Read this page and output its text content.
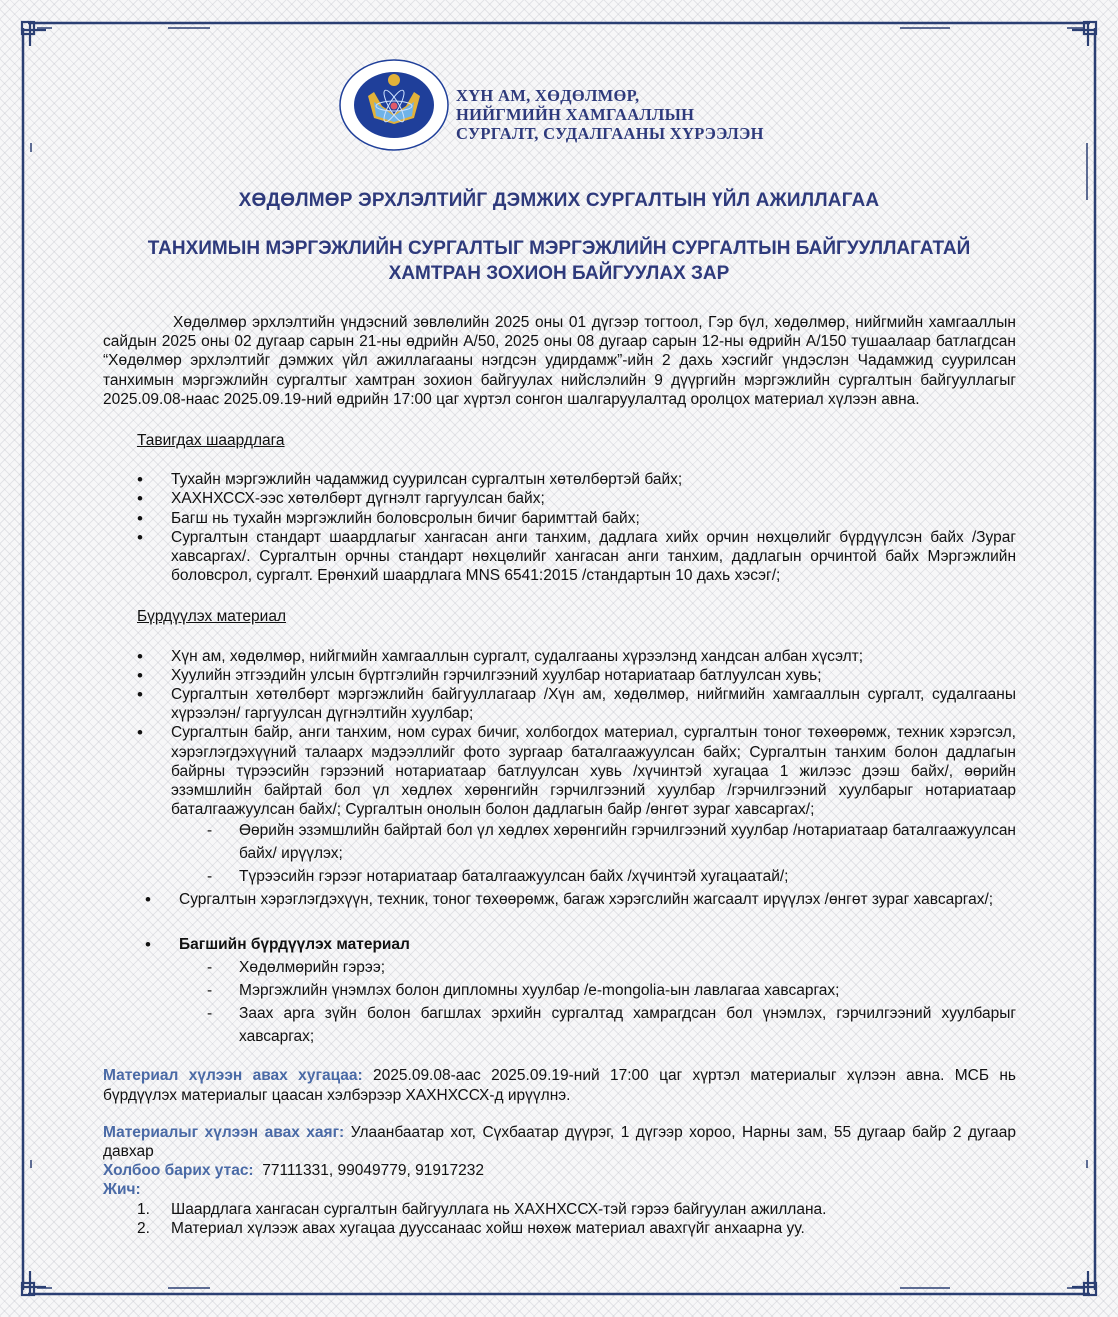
ХҮН АМ, ХӨДӨЛМӨР,
НИЙГМИЙН ХАМГААЛЛЫН
СУРГАЛТ, СУДАЛГААНЫ ХҮРЭЭЛЭН
ХӨДӨЛМӨР ЭРХЛЭЛТИЙГ ДЭМЖИХ СУРГАЛТЫН ҮЙЛ АЖИЛЛАГАА
ТАНХИМЫН МЭРГЭЖЛИЙН СУРГАЛТЫГ МЭРГЭЖЛИЙН СУРГАЛТЫН БАЙГУУЛЛАГАТАЙ
ХАМТРАН ЗОХИОН БАЙГУУЛАХ ЗАР

Хөдөлмөр эрхлэлтийн үндэсний зөвлөлийн 2025 оны 01 дүгээр тогтоол, Гэр бүл, хөдөлмөр, нийгмийн хамгааллын сайдын 2025 оны 02 дугаар сарын 21-ны өдрийн А/50, 2025 оны 08 дугаар сарын 12-ны өдрийн А/150 тушаалаар батлагдсан “Хөдөлмөр эрхлэлтийг дэмжих үйл ажиллагааны нэгдсэн удирдамж”-ийн 2 дахь хэсгийг үндэслэн Чадамжид суурилсан танхимын мэргэжлийн сургалтыг хамтран зохион байгуулах нийслэлийн 9 дүүргийн мэргэжлийн сургалтын байгууллагыг 2025.09.08-наас 2025.09.19-ний өдрийн 17:00 цаг хүртэл сонгон шалгаруулалтад оролцох материал хүлээн авна.

Тавигдах шаардлага
• Тухайн мэргэжлийн чадамжид суурилсан сургалтын хөтөлбөртэй байх;
• ХАХНХССХ-ээс хөтөлбөрт дүгнэлт гаргуулсан байх;
• Багш нь тухайн мэргэжлийн боловсролын бичиг баримттай байх;
• Сургалтын стандарт шаардлагыг хангасан анги танхим, дадлага хийх орчин нөхцөлийг бүрдүүлсэн байх /Зураг хавсаргах/. Сургалтын орчны стандарт нөхцөлийг хангасан анги танхим, дадлагын орчинтой байх Мэргэжлийн боловсрол, сургалт. Ерөнхий шаардлага MNS 6541:2015 /стандартын 10 дахь хэсэг/;
Бүрдүүлэх материал
• Хүн ам, хөдөлмөр, нийгмийн хамгааллын сургалт, судалгааны хүрээлэнд хандсан албан хүсэлт;
• Хуулийн этгээдийн улсын бүртгэлийн гэрчилгээний хуулбар нотариатаар батлуулсан хувь;
• Сургалтын хөтөлбөрт мэргэжлийн байгууллагаар /Хүн ам, хөдөлмөр, нийгмийн хамгааллын сургалт, судалгааны хүрээлэн/ гаргуулсан дүгнэлтийн хуулбар;
• Сургалтын байр, анги танхим, ном сурах бичиг, холбогдох материал, сургалтын тоног төхөөрөмж, техник хэрэгсэл, хэрэглэгдэхүүний талаарх мэдээллийг фото зургаар баталгаажуулсан байх; Сургалтын танхим болон дадлагын байрны түрээсийн гэрээний нотариатаар батлуулсан хувь /хүчинтэй хугацаа 1 жилээс дээш байх/, өөрийн эзэмшлийн байртай бол үл хөдлөх хөрөнгийн гэрчилгээний хуулбар /гэрчилгээний хуулбарыг нотариатаар баталгаажуулсан байх/; Сургалтын онолын болон дадлагын байр /өнгөт зураг хавсаргах/;
- Өөрийн эзэмшлийн байртай бол үл хөдлөх хөрөнгийн гэрчилгээний хуулбар /нотариатаар баталгаажуулсан байх/ ирүүлэх;
- Түрээсийн гэрээг нотариатаар баталгаажуулсан байх /хүчинтэй хугацаатай/;
• Сургалтын хэрэглэгдэхүүн, техник, тоног төхөөрөмж, багаж хэрэгслийн жагсаалт ирүүлэх /өнгөт зураг хавсаргах/;
• Багшийн бүрдүүлэх материал
- Хөдөлмөрийн гэрээ;
- Мэргэжлийн үнэмлэх болон дипломны хуулбар /e-mongolia-ын лавлагаа хавсаргах;
- Заах арга зүйн болон багшлах эрхийн сургалтад хамрагдсан бол үнэмлэх, гэрчилгээний хуулбарыг хавсаргах;

Материал хүлээн авах хугацаа: 2025.09.08-аас 2025.09.19-ний 17:00 цаг хүртэл материалыг хүлээн авна. МСБ нь бүрдүүлэх материалыг цаасан хэлбэрээр ХАХНХССХ-д ирүүлнэ.

Материалыг хүлээн авах хаяг: Улаанбаатар хот, Сүхбаатар дүүрэг, 1 дүгээр хороо, Нарны зам, 55 дугаар байр 2 дугаар давхар

Холбоо барих утас:  77111331, 99049779, 91917232

Жич:
1. Шаардлага хангасан сургалтын байгууллага нь ХАХНХССХ-тэй гэрээ байгуулан ажиллана.
2. Материал хүлээж авах хугацаа дууссанаас хойш нөхөж материал авахгүйг анхаарна уу.
